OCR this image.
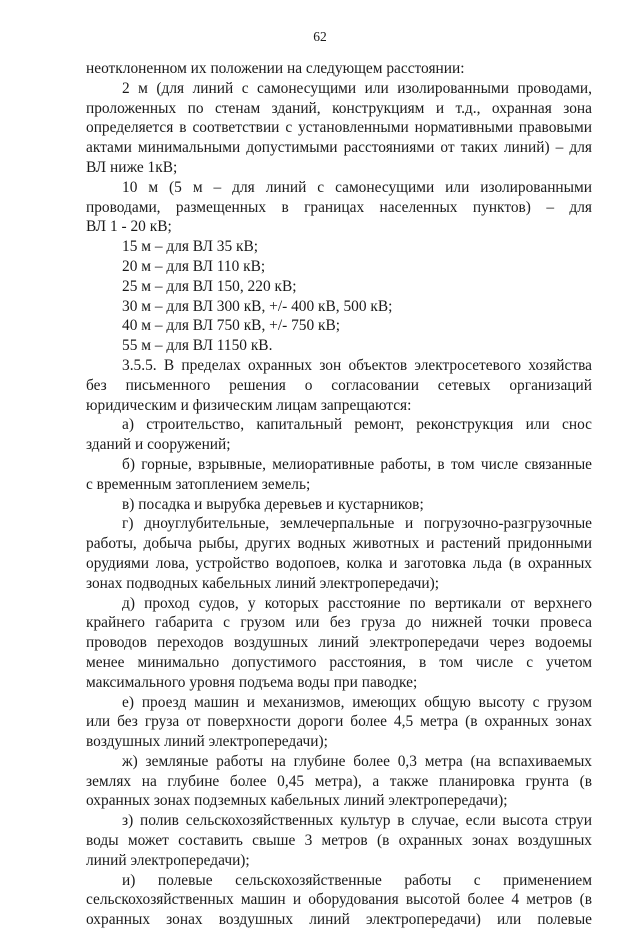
62
неотклоненном их положении на следующем расстоянии:
2 м (для линий с самонесущими или изолированными проводами,
проложенных по стенам зданий, конструкциям и т.д., охранная зона
определяется в соответствии с установленными нормативными правовыми
актами минимальными допустимыми расстояниями от таких линий) – для
ВЛ ниже 1кВ;
10 м (5 м – для линий с самонесущими или изолированными
проводами, размещенных в границах населенных пунктов) – для
ВЛ 1 - 20 кВ;
15 м – для ВЛ 35 кВ;
20 м – для ВЛ 110 кВ;
25 м – для ВЛ 150, 220 кВ;
30 м – для ВЛ 300 кВ, +/- 400 кВ, 500 кВ;
40 м – для ВЛ 750 кВ, +/- 750 кВ;
55 м – для ВЛ 1150 кВ.
3.5.5. В пределах охранных зон объектов электросетевого хозяйства
без письменного решения о согласовании сетевых организаций
юридическим и физическим лицам запрещаются:
а) строительство, капитальный ремонт, реконструкция или снос
зданий и сооружений;
б) горные, взрывные, мелиоративные работы, в том числе связанные
с временным затоплением земель;
в) посадка и вырубка деревьев и кустарников;
г) дноуглубительные, землечерпальные и погрузочно-разгрузочные
работы, добыча рыбы, других водных животных и растений придонными
орудиями лова, устройство водопоев, колка и заготовка льда (в охранных
зонах подводных кабельных линий электропередачи);
д) проход судов, у которых расстояние по вертикали от верхнего
крайнего габарита с грузом или без груза до нижней точки провеса
проводов переходов воздушных линий электропередачи через водоемы
менее минимально допустимого расстояния, в том числе с учетом
максимального уровня подъема воды при паводке;
е) проезд машин и механизмов, имеющих общую высоту с грузом
или без груза от поверхности дороги более 4,5 метра (в охранных зонах
воздушных линий электропередачи);
ж) земляные работы на глубине более 0,3 метра (на вспахиваемых
землях на глубине более 0,45 метра), а также планировка грунта (в
охранных зонах подземных кабельных линий электропередачи);
з) полив сельскохозяйственных культур в случае, если высота струи
воды может составить свыше 3 метров (в охранных зонах воздушных
линий электропередачи);
и) полевые сельскохозяйственные работы с применением
сельскохозяйственных машин и оборудования высотой более 4 метров (в
охранных зонах воздушных линий электропередачи) или полевые
